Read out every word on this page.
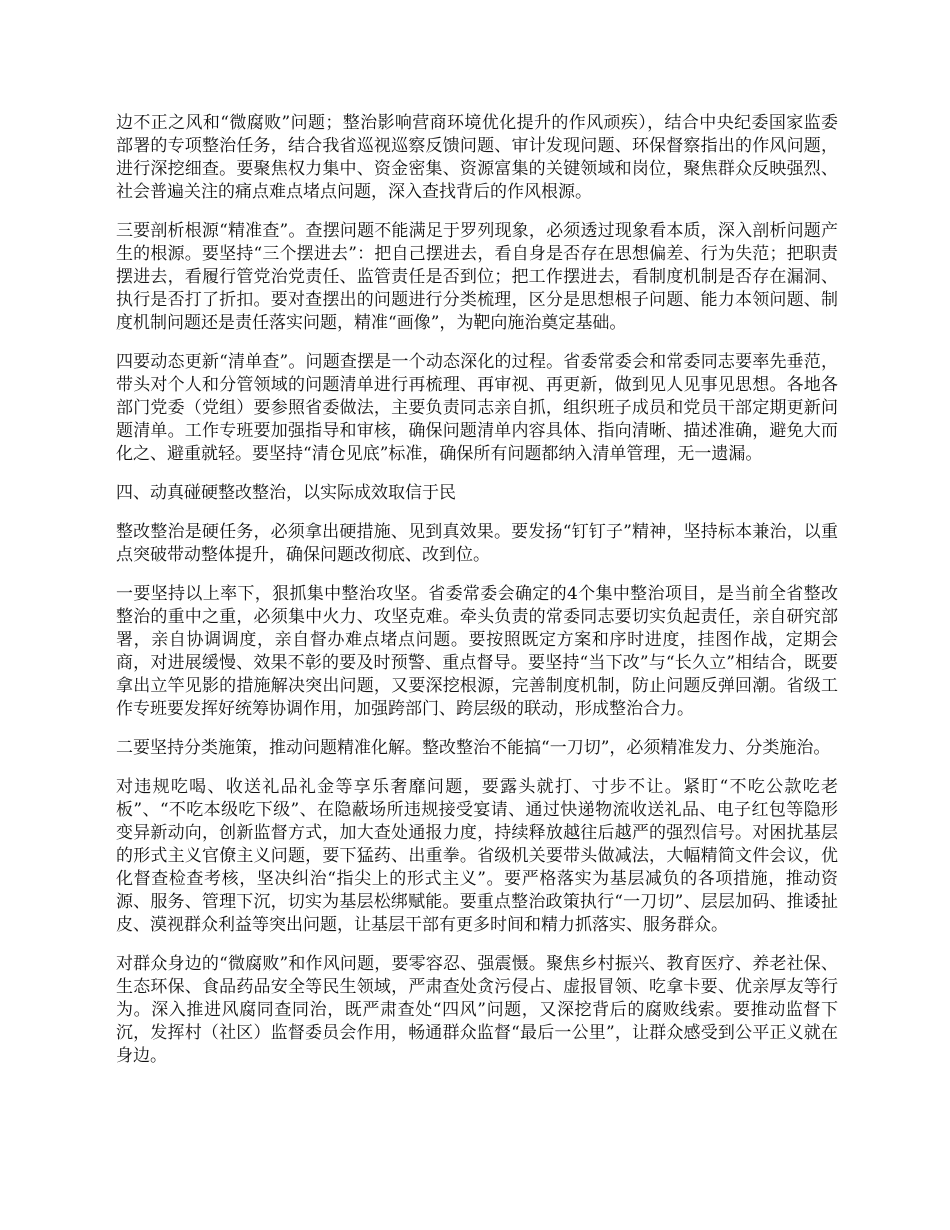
边不正之风和“微腐败”问题；整治影响营商环境优化提升的作风顽疾），结合中央纪委国家监委部署的专项整治任务，结合我省巡视巡察反馈问题、审计发现问题、环保督察指出的作风问题，进行深挖细查。要聚焦权力集中、资金密集、资源富集的关键领域和岗位，聚焦群众反映强烈、社会普遍关注的痛点难点堵点问题，深入查找背后的作风根源。

三要剖析根源“精准查”。查摆问题不能满足于罗列现象，必须透过现象看本质，深入剖析问题产生的根源。要坚持“三个摆进去”：把自己摆进去，看自身是否存在思想偏差、行为失范；把职责摆进去，看履行管党治党责任、监管责任是否到位；把工作摆进去，看制度机制是否存在漏洞、执行是否打了折扣。要对查摆出的问题进行分类梳理，区分是思想根子问题、能力本领问题、制度机制问题还是责任落实问题，精准“画像”，为靶向施治奠定基础。

四要动态更新“清单查”。问题查摆是一个动态深化的过程。省委常委会和常委同志要率先垂范，带头对个人和分管领域的问题清单进行再梳理、再审视、再更新，做到见人见事见思想。各地各部门党委（党组）要参照省委做法，主要负责同志亲自抓，组织班子成员和党员干部定期更新问题清单。工作专班要加强指导和审核，确保问题清单内容具体、指向清晰、描述准确，避免大而化之、避重就轻。要坚持“清仓见底”标准，确保所有问题都纳入清单管理，无一遗漏。

四、动真碰硬整改整治，以实际成效取信于民

整改整治是硬任务，必须拿出硬措施、见到真效果。要发扬“钉钉子”精神，坚持标本兼治，以重点突破带动整体提升，确保问题改彻底、改到位。

一要坚持以上率下，狠抓集中整治攻坚。省委常委会确定的4个集中整治项目，是当前全省整改整治的重中之重，必须集中火力、攻坚克难。牵头负责的常委同志要切实负起责任，亲自研究部署，亲自协调调度，亲自督办难点堵点问题。要按照既定方案和序时进度，挂图作战，定期会商，对进展缓慢、效果不彰的要及时预警、重点督导。要坚持“当下改”与“长久立”相结合，既要拿出立竿见影的措施解决突出问题，又要深挖根源，完善制度机制，防止问题反弹回潮。省级工作专班要发挥好统筹协调作用，加强跨部门、跨层级的联动，形成整治合力。

二要坚持分类施策，推动问题精准化解。整改整治不能搞“一刀切”，必须精准发力、分类施治。

对违规吃喝、收送礼品礼金等享乐奢靡问题，要露头就打、寸步不让。紧盯“不吃公款吃老板”、“不吃本级吃下级”、在隐蔽场所违规接受宴请、通过快递物流收送礼品、电子红包等隐形变异新动向，创新监督方式，加大查处通报力度，持续释放越往后越严的强烈信号。对困扰基层的形式主义官僚主义问题，要下猛药、出重拳。省级机关要带头做减法，大幅精简文件会议，优化督查检查考核，坚决纠治“指尖上的形式主义”。要严格落实为基层减负的各项措施，推动资源、服务、管理下沉，切实为基层松绑赋能。要重点整治政策执行“一刀切”、层层加码、推诿扯皮、漠视群众利益等突出问题，让基层干部有更多时间和精力抓落实、服务群众。

对群众身边的“微腐败”和作风问题，要零容忍、强震慑。聚焦乡村振兴、教育医疗、养老社保、生态环保、食品药品安全等民生领域，严肃查处贪污侵占、虚报冒领、吃拿卡要、优亲厚友等行为。深入推进风腐同查同治，既严肃查处“四风”问题，又深挖背后的腐败线索。要推动监督下沉，发挥村（社区）监督委员会作用，畅通群众监督“最后一公里”，让群众感受到公平正义就在身边。
